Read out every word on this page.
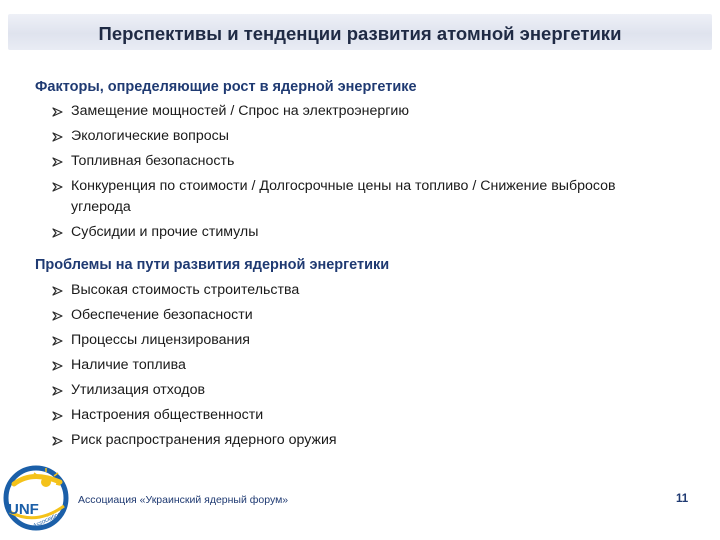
Перспективы и тенденции развития атомной энергетики
Факторы, определяющие рост в ядерной энергетике
Замещение мощностей / Спрос на электроэнергию
Экологические вопросы
Топливная безопасность
Конкуренция по стоимости / Долгосрочные цены на топливо / Снижение выбросов углерода
Субсидии и прочие стимулы
Проблемы на пути развития ядерной энергетики
Высокая стоимость строительства
Обеспечение безопасности
Процессы лицензирования
Наличие топлива
Утилизация отходов
Настроения общественности
Риск распространения ядерного оружия
UNF
Association
Ассоциация «Украинский ядерный форум»	11
